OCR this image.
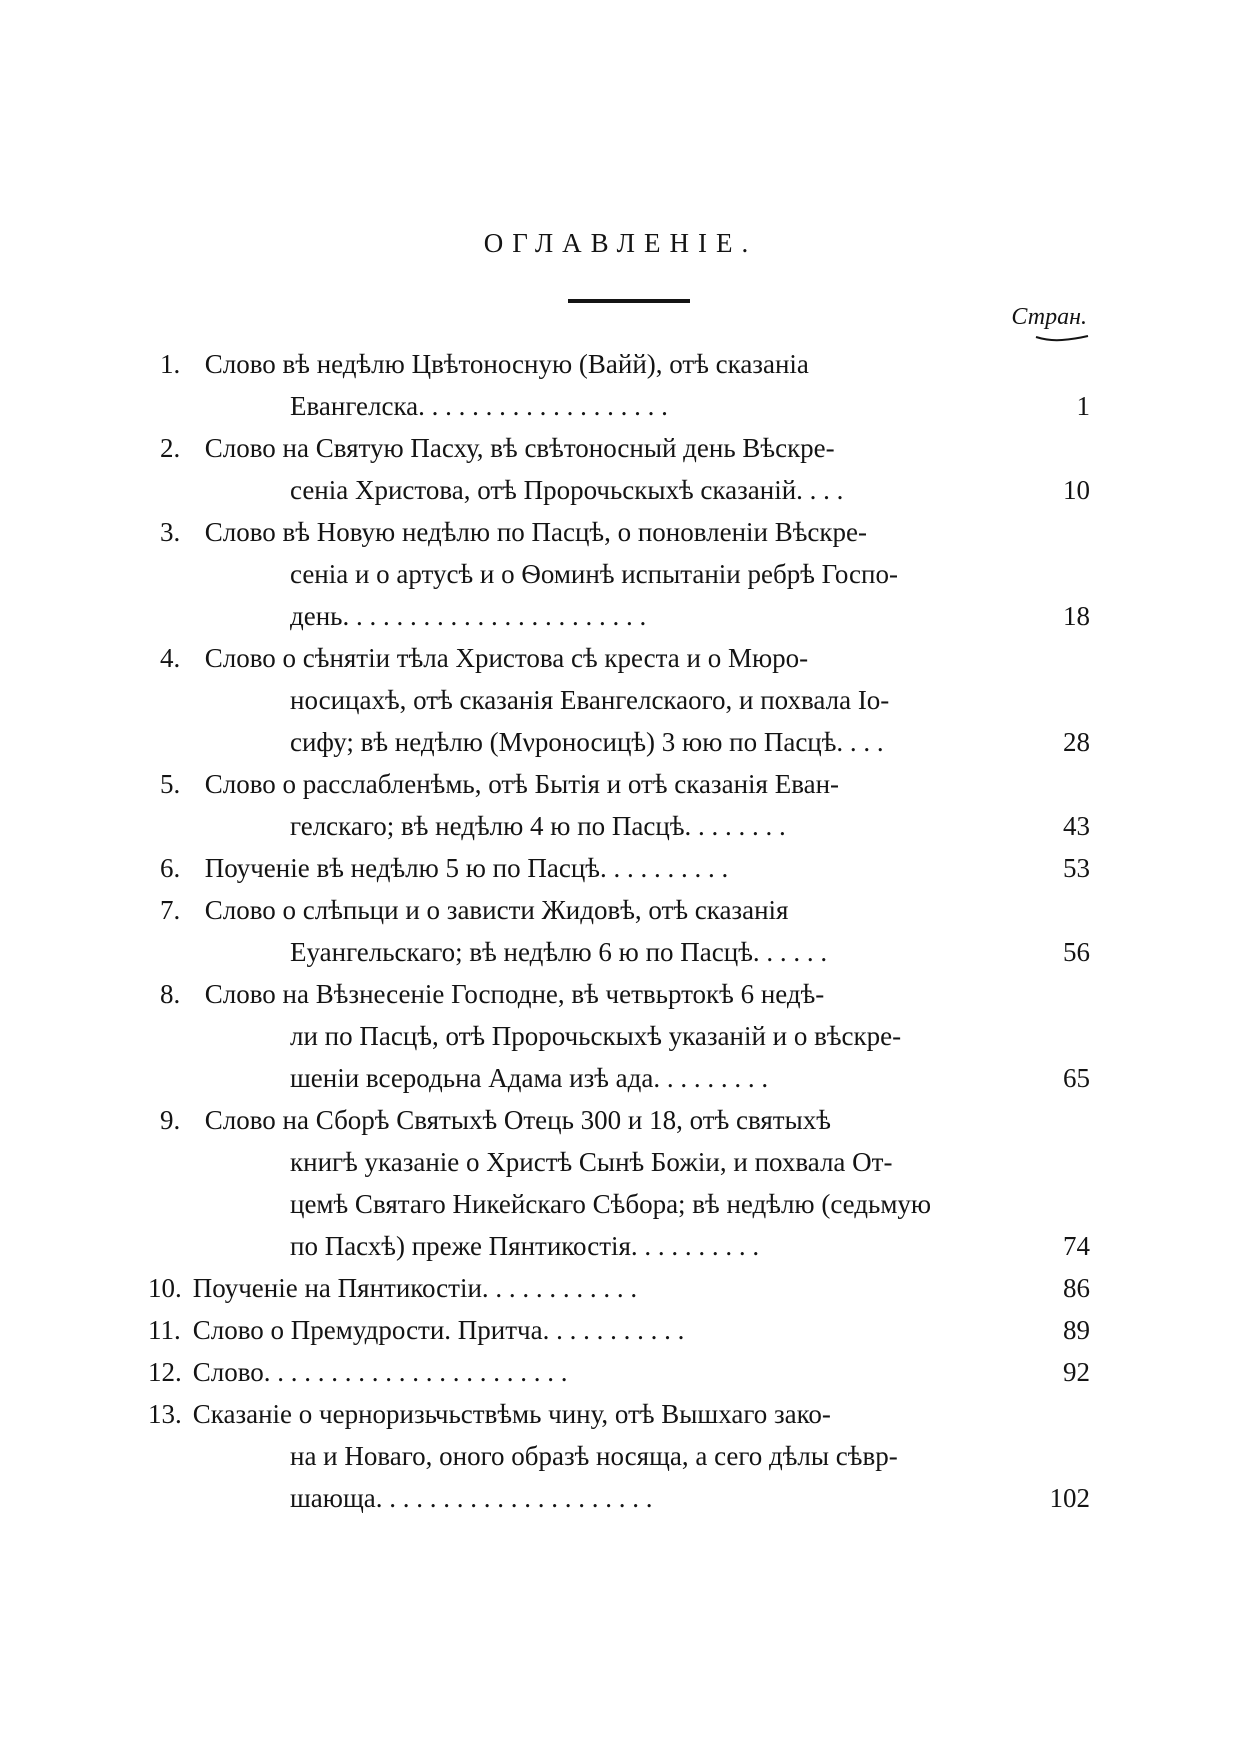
ОГЛАВЛЕНІЕ.
Стран.
1. Слово вѣ недѣлю Цвѣтоносную (Вайй), отѣ сказаніа
Евангелска. . . . . . . . . . . . . . . . . . .	1
2. Слово на Святую Пасху, вѣ свѣтоносный день Вѣскре-
сеніа Христова, отѣ Пророчьскыхѣ сказаній. . . .	10
3. Слово вѣ Новую недѣлю по Пасцѣ, о поновленіи Вѣскре-
сеніа и о артусѣ и о Ѳоминѣ испытаніи ребрѣ Госпо-
день. . . . . . . . . . . . . . . . . . . . . . .	18
4. Слово о сѣнятіи тѣла Христова сѣ креста и о Мюро-
носицахѣ, отѣ сказанія Евангелскаого, и похвала Іо-
сифу; вѣ недѣлю (Мνроносицѣ) 3 юю по Пасцѣ. . . .	28
5. Слово о расслабленѣмь, отѣ Бытія и отѣ сказанія Еван-
гелскаго; вѣ недѣлю 4 ю по Пасцѣ. . . . . . . .	43
6. Поученіе вѣ недѣлю 5 ю по Пасцѣ. . . . . . . . . .	53
7. Слово о слѣпьци и о зависти Жидовѣ, отѣ сказанія
Еуангельскаго; вѣ недѣлю 6 ю по Пасцѣ. . . . . .	56
8. Слово на Вѣзнесеніе Господне, вѣ четвьртокѣ 6 недѣ-
ли по Пасцѣ, отѣ Пророчьскыхѣ указаній и о вѣскре-
шеніи всеродьна Адама изѣ ада. . . . . . . . .	65
9. Слово на Сборѣ Святыхѣ Отець 300 и 18, отѣ святыхѣ
книгѣ указаніе о Христѣ Сынѣ Божіи, и похвала От-
цемѣ Святаго Никейскаго Сѣбора; вѣ недѣлю (седьмую
по Пасхѣ) преже Пянтикостія. . . . . . . . . .	74
10. Поученіе на Пянтикостіи. . . . . . . . . . . .	86
11. Слово о Премудрости. Притча. . . . . . . . . . .	89
12. Слово. . . . . . . . . . . . . . . . . . . . . . .	92
13. Сказаніе о черноризьчьствѣмь чину, отѣ Вышхаго зако-
на и Новаго, оного образѣ носяща, а сего дѣлы сѣвр-
шающа. . . . . . . . . . . . . . . . . . . . .	102
